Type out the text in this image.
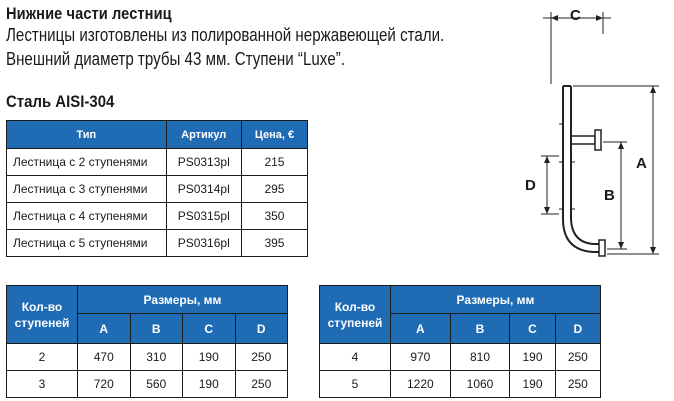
Нижние части лестниц
Лестницы изготовлены из полированной нержавеющей стали.
Внешний диаметр трубы 43 мм. Ступени “Luxe”.
Сталь AISI-304
Тип	Артикул	Цена, €
Лестница с 2 ступенями	PS0313pl	215
Лестница с 3 ступенями	PS0314pl	295
Лестница с 4 ступенями	PS0315pl	350
Лестница с 5 ступенями	PS0316pl	395
Кол-во
ступеней	Размеры, мм			
	A	B	C	D
2	470	310	190	250
3	720	560	190	250
Кол-во
ступеней	Размеры, мм			
	A	B	C	D
4	970	810	190	250
5	1220	1060	190	250
C
D
B
A
